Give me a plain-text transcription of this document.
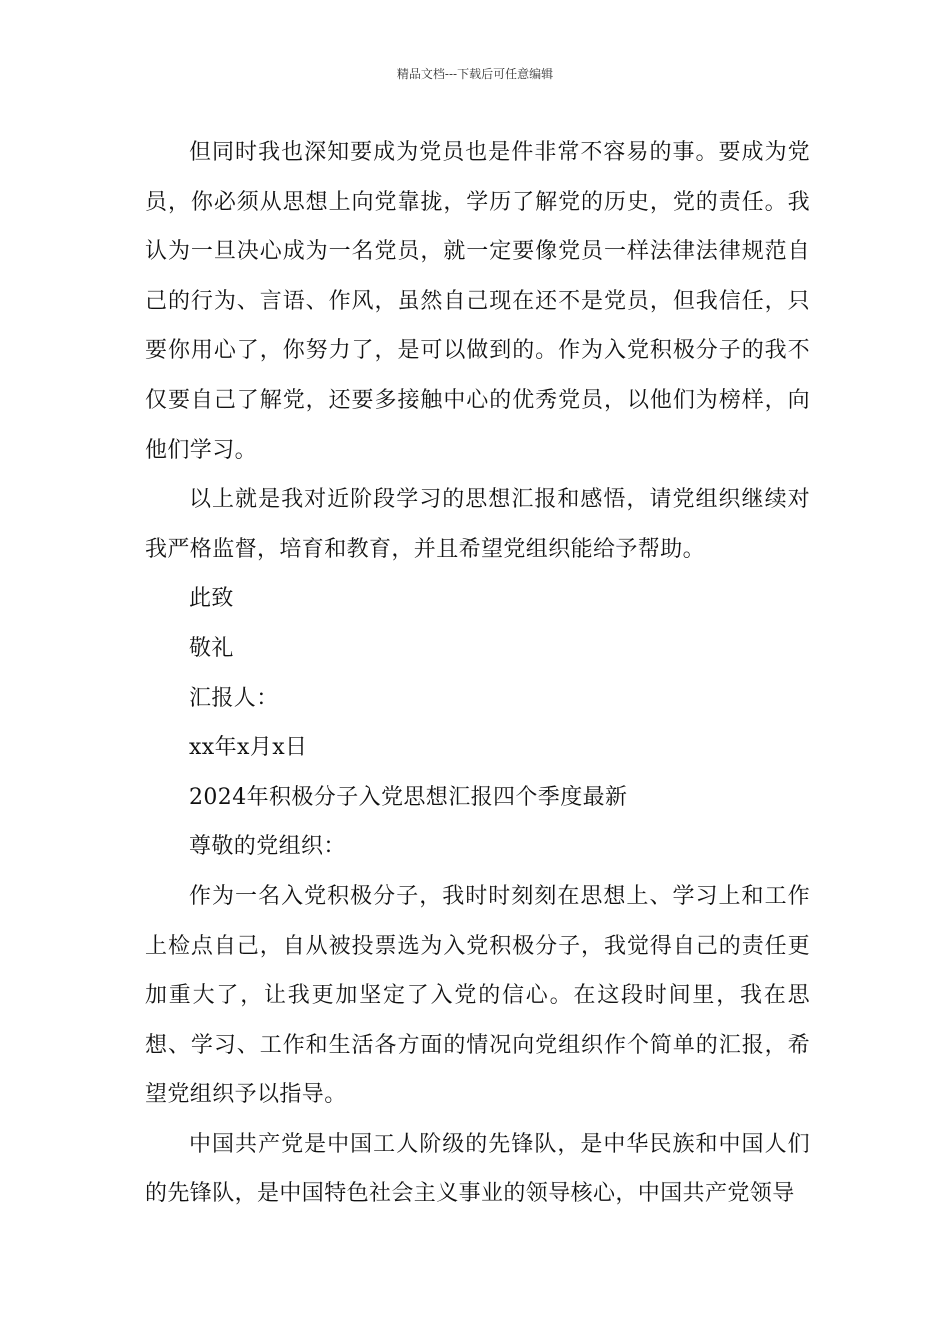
精品文档---下载后可任意编辑

但同时我也深知要成为党员也是件非常不容易的事。要成为党员，你必须从思想上向党靠拢，学历了解党的历史，党的责任。我认为一旦决心成为一名党员，就一定要像党员一样法律法律规范自己的行为、言语、作风，虽然自己现在还不是党员，但我信任，只要你用心了，你努力了，是可以做到的。作为入党积极分子的我不仅要自己了解党，还要多接触中心的优秀党员，以他们为榜样，向他们学习。

以上就是我对近阶段学习的思想汇报和感悟，请党组织继续对我严格监督，培育和教育，并且希望党组织能给予帮助。

此致

敬礼

汇报人：

xx年x月x日

2024年积极分子入党思想汇报四个季度最新

尊敬的党组织：

作为一名入党积极分子，我时时刻刻在思想上、学习上和工作上检点自己，自从被投票选为入党积极分子，我觉得自己的责任更加重大了，让我更加坚定了入党的信心。在这段时间里，我在思想、学习、工作和生活各方面的情况向党组织作个简单的汇报，希望党组织予以指导。

中国共产党是中国工人阶级的先锋队，是中华民族和中国人们的先锋队，是中国特色社会主义事业的领导核心，中国共产党领导
